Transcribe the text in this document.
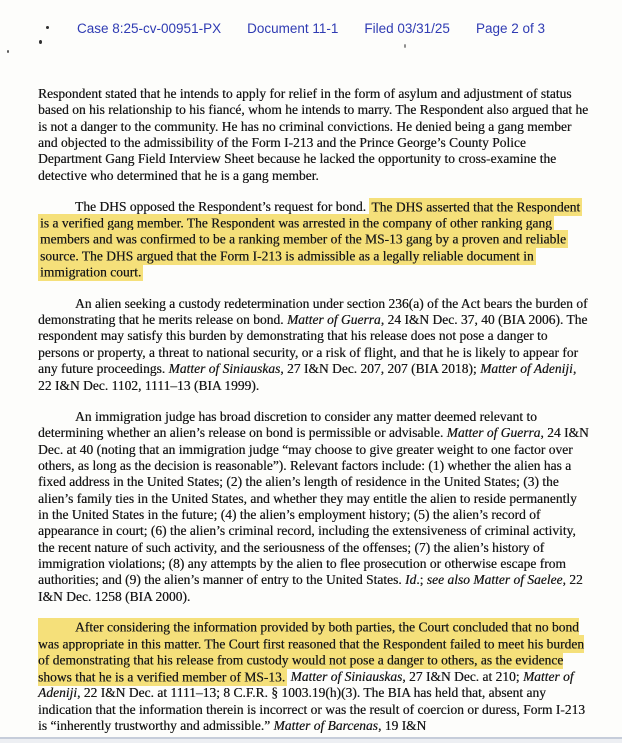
Case 8:25-cv-00951-PX Document 11-1 Filed 03/31/25 Page 2 of 3

Respondent stated that he intends to apply for relief in the form of asylum and adjustment of status based on his relationship to his fiancé, whom he intends to marry. The Respondent also argued that he is not a danger to the community. He has no criminal convictions. He denied being a gang member and objected to the admissibility of the Form I-213 and the Prince George’s County Police Department Gang Field Interview Sheet because he lacked the opportunity to cross-examine the detective who determined that he is a gang member.

The DHS opposed the Respondent’s request for bond. The DHS asserted that the Respondent is a verified gang member. The Respondent was arrested in the company of other ranking gang members and was confirmed to be a ranking member of the MS-13 gang by a proven and reliable source. The DHS argued that the Form I-213 is admissible as a legally reliable document in immigration court.

An alien seeking a custody redetermination under section 236(a) of the Act bears the burden of demonstrating that he merits release on bond. Matter of Guerra, 24 I&N Dec. 37, 40 (BIA 2006). The respondent may satisfy this burden by demonstrating that his release does not pose a danger to persons or property, a threat to national security, or a risk of flight, and that he is likely to appear for any future proceedings. Matter of Siniauskas, 27 I&N Dec. 207, 207 (BIA 2018); Matter of Adeniji, 22 I&N Dec. 1102, 1111–13 (BIA 1999).

An immigration judge has broad discretion to consider any matter deemed relevant to determining whether an alien’s release on bond is permissible or advisable. Matter of Guerra, 24 I&N Dec. at 40 (noting that an immigration judge “may choose to give greater weight to one factor over others, as long as the decision is reasonable”). Relevant factors include: (1) whether the alien has a fixed address in the United States; (2) the alien’s length of residence in the United States; (3) the alien’s family ties in the United States, and whether they may entitle the alien to reside permanently in the United States in the future; (4) the alien’s employment history; (5) the alien’s record of appearance in court; (6) the alien’s criminal record, including the extensiveness of criminal activity, the recent nature of such activity, and the seriousness of the offenses; (7) the alien’s history of immigration violations; (8) any attempts by the alien to flee prosecution or otherwise escape from authorities; and (9) the alien’s manner of entry to the United States. Id.; see also Matter of Saelee, 22 I&N Dec. 1258 (BIA 2000).

After considering the information provided by both parties, the Court concluded that no bond was appropriate in this matter. The Court first reasoned that the Respondent failed to meet his burden of demonstrating that his release from custody would not pose a danger to others, as the evidence shows that he is a verified member of MS-13. Matter of Siniauskas, 27 I&N Dec. at 210; Matter of Adeniji, 22 I&N Dec. at 1111–13; 8 C.F.R. § 1003.19(h)(3). The BIA has held that, absent any indication that the information therein is incorrect or was the result of coercion or duress, Form I-213 is “inherently trustworthy and admissible.” Matter of Barcenas, 19 I&N
